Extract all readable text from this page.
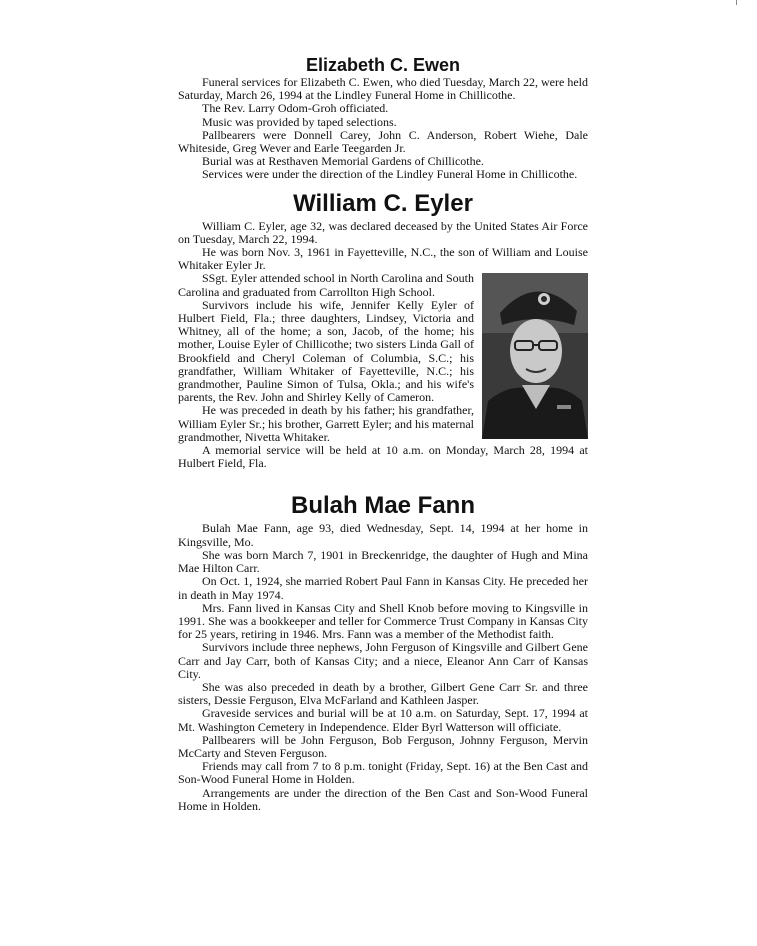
Elizabeth C. Ewen

Funeral services for Elizabeth C. Ewen, who died Tuesday, March 22, were held Saturday, March 26, 1994 at the Lindley Funeral Home in Chillicothe.

The Rev. Larry Odom-Groh officiated.

Music was provided by taped selections.

Pallbearers were Donnell Carey, John C. Anderson, Robert Wiehe, Dale Whiteside, Greg Wever and Earle Teegarden Jr.

Burial was at Resthaven Memorial Gardens of Chillicothe.

Services were under the direction of the Lindley Funeral Home in Chillicothe.

William C. Eyler

William C. Eyler, age 32, was declared deceased by the United States Air Force on Tuesday, March 22, 1994.

He was born Nov. 3, 1961 in Fayetteville, N.C., the son of William and Louise Whitaker Eyler Jr.

SSgt. Eyler attended school in North Carolina and South Carolina and graduated from Carrollton High School.

Survivors include his wife, Jennifer Kelly Eyler of Hulbert Field, Fla.; three daughters, Lindsey, Victoria and Whitney, all of the home; a son, Jacob, of the home; his mother, Louise Eyler of Chillicothe; two sisters Linda Gall of Brookfield and Cheryl Coleman of Columbia, S.C.; his grandfather, William Whitaker of Fayetteville, N.C.; his grandmother, Pauline Simon of Tulsa, Okla.; and his wife's parents, the Rev. John and Shirley Kelly of Cameron.

He was preceded in death by his father; his grandfather, William Eyler Sr.; his brother, Garrett Eyler; and his maternal grandmother, Nivetta Whitaker.

A memorial service will be held at 10 a.m. on Monday, March 28, 1994 at Hulbert Field, Fla.

Bulah Mae Fann

Bulah Mae Fann, age 93, died Wednesday, Sept. 14, 1994 at her home in Kingsville, Mo.

She was born March 7, 1901 in Breckenridge, the daughter of Hugh and Mina Mae Hilton Carr.

On Oct. 1, 1924, she married Robert Paul Fann in Kansas City. He preceded her in death in May 1974.

Mrs. Fann lived in Kansas City and Shell Knob before moving to Kingsville in 1991. She was a bookkeeper and teller for Commerce Trust Company in Kansas City for 25 years, retiring in 1946. Mrs. Fann was a member of the Methodist faith.

Survivors include three nephews, John Ferguson of Kingsville and Gilbert Gene Carr and Jay Carr, both of Kansas City; and a niece, Eleanor Ann Carr of Kansas City.

She was also preceded in death by a brother, Gilbert Gene Carr Sr. and three sisters, Dessie Ferguson, Elva McFarland and Kathleen Jasper.

Graveside services and burial will be at 10 a.m. on Saturday, Sept. 17, 1994 at Mt. Washington Cemetery in Independence. Elder Byrl Watterson will officiate.

Pallbearers will be John Ferguson, Bob Ferguson, Johnny Ferguson, Mervin McCarty and Steven Ferguson.

Friends may call from 7 to 8 p.m. tonight (Friday, Sept. 16) at the Ben Cast and Son-Wood Funeral Home in Holden.

Arrangements are under the direction of the Ben Cast and Son-Wood Funeral Home in Holden.
